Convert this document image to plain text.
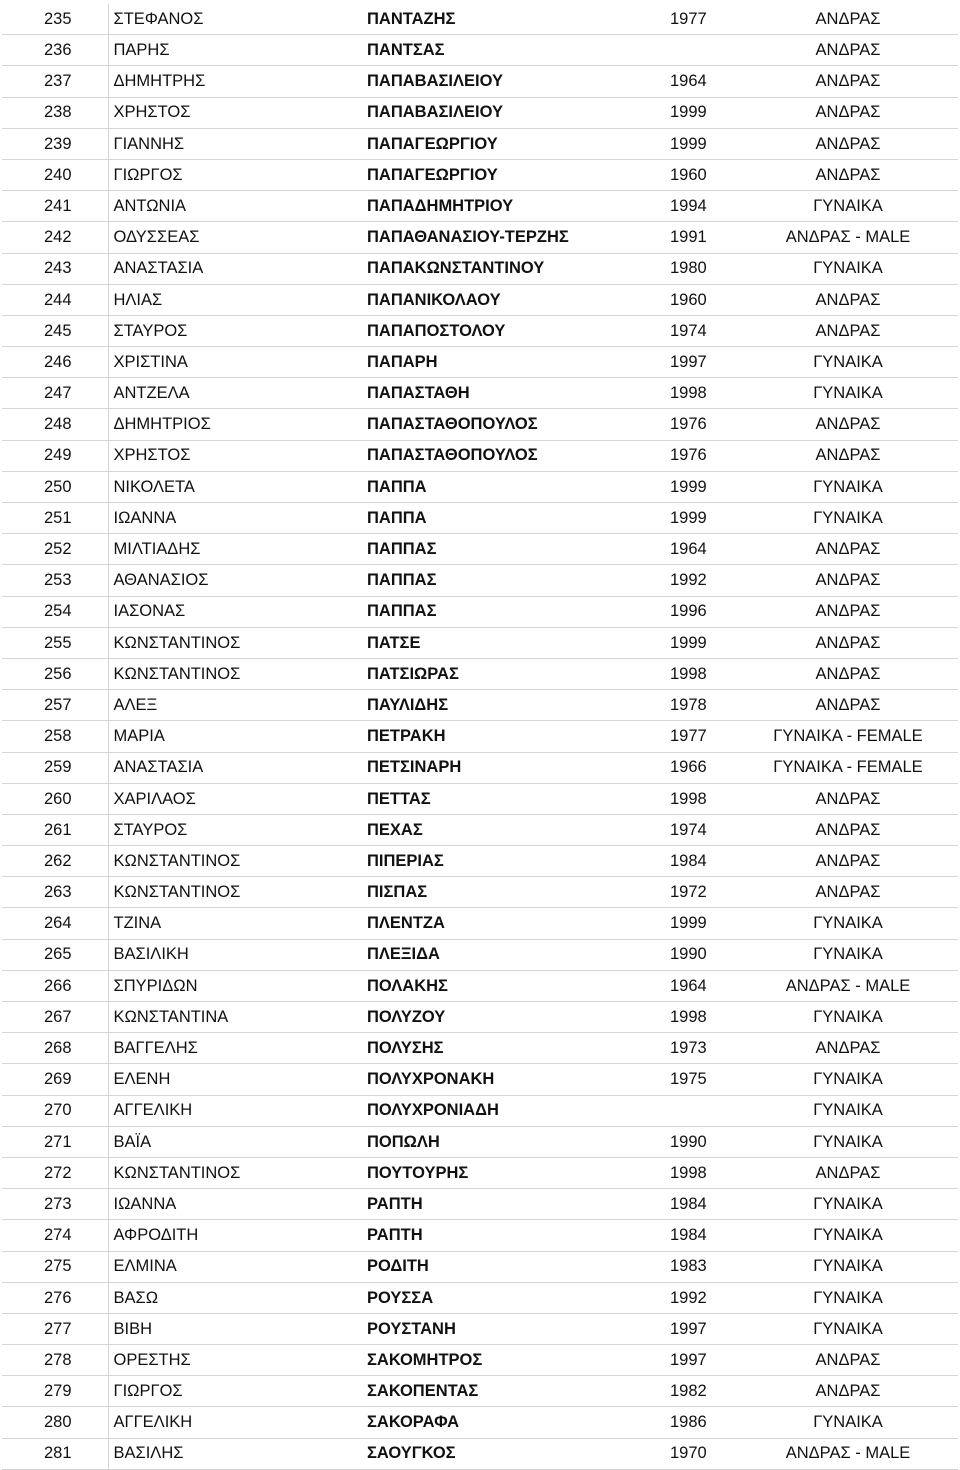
235	ΣΤΕΦΑΝΟΣ	ΠΑΝΤΑΖΗΣ	1977	ΑΝΔΡΑΣ
236	ΠΑΡΗΣ	ΠΑΝΤΣΑΣ		ΑΝΔΡΑΣ
237	ΔΗΜΗΤΡΗΣ	ΠΑΠΑΒΑΣΙΛΕΙΟΥ	1964	ΑΝΔΡΑΣ
238	ΧΡΗΣΤΟΣ	ΠΑΠΑΒΑΣΙΛΕΙΟΥ	1999	ΑΝΔΡΑΣ
239	ΓΙΑΝΝΗΣ	ΠΑΠΑΓΕΩΡΓΙΟΥ	1999	ΑΝΔΡΑΣ
240	ΓΙΩΡΓΟΣ	ΠΑΠΑΓΕΩΡΓΙΟΥ	1960	ΑΝΔΡΑΣ
241	ΑΝΤΩΝΙΑ	ΠΑΠΑΔΗΜΗΤΡΙΟΥ	1994	ΓΥΝΑΙΚΑ
242	ΟΔΥΣΣΕΑΣ	ΠΑΠΑΘΑΝΑΣΙΟΥ-ΤΕΡΖΗΣ	1991	ΑΝΔΡΑΣ - MALE
243	ΑΝΑΣΤΑΣΙΑ	ΠΑΠΑΚΩΝΣΤΑΝΤΙΝΟΥ	1980	ΓΥΝΑΙΚΑ
244	ΗΛΙΑΣ	ΠΑΠΑΝΙΚΟΛΑΟΥ	1960	ΑΝΔΡΑΣ
245	ΣΤΑΥΡΟΣ	ΠΑΠΑΠΟΣΤΟΛΟΥ	1974	ΑΝΔΡΑΣ
246	ΧΡΙΣΤΙΝΑ	ΠΑΠΑΡΗ	1997	ΓΥΝΑΙΚΑ
247	ΑΝΤΖΕΛΑ	ΠΑΠΑΣΤΑΘΗ	1998	ΓΥΝΑΙΚΑ
248	ΔΗΜΗΤΡΙΟΣ	ΠΑΠΑΣΤΑΘΟΠΟΥΛΟΣ	1976	ΑΝΔΡΑΣ
249	ΧΡΗΣΤΟΣ	ΠΑΠΑΣΤΑΘΟΠΟΥΛΟΣ	1976	ΑΝΔΡΑΣ
250	ΝΙΚΟΛΕΤΑ	ΠΑΠΠΑ	1999	ΓΥΝΑΙΚΑ
251	ΙΩΑΝΝΑ	ΠΑΠΠΑ	1999	ΓΥΝΑΙΚΑ
252	ΜΙΛΤΙΑΔΗΣ	ΠΑΠΠΑΣ	1964	ΑΝΔΡΑΣ
253	ΑΘΑΝΑΣΙΟΣ	ΠΑΠΠΑΣ	1992	ΑΝΔΡΑΣ
254	ΙΑΣΟΝΑΣ	ΠΑΠΠΑΣ	1996	ΑΝΔΡΑΣ
255	ΚΩΝΣΤΑΝΤΙΝΟΣ	ΠΑΤΣΕ	1999	ΑΝΔΡΑΣ
256	ΚΩΝΣΤΑΝΤΙΝΟΣ	ΠΑΤΣΙΩΡΑΣ	1998	ΑΝΔΡΑΣ
257	ΑΛΕΞ	ΠΑΥΛΙΔΗΣ	1978	ΑΝΔΡΑΣ
258	ΜΑΡΙΑ	ΠΕΤΡΑΚΗ	1977	ΓΥΝΑΙΚΑ - FEMALE
259	ΑΝΑΣΤΑΣΙΑ	ΠΕΤΣΙΝΑΡΗ	1966	ΓΥΝΑΙΚΑ - FEMALE
260	ΧΑΡΙΛΑΟΣ	ΠΕΤΤΑΣ	1998	ΑΝΔΡΑΣ
261	ΣΤΑΥΡΟΣ	ΠΕΧΑΣ	1974	ΑΝΔΡΑΣ
262	ΚΩΝΣΤΑΝΤΙΝΟΣ	ΠΙΠΕΡΙΑΣ	1984	ΑΝΔΡΑΣ
263	ΚΩΝΣΤΑΝΤΙΝΟΣ	ΠΙΣΠΑΣ	1972	ΑΝΔΡΑΣ
264	ΤΖΙΝΑ	ΠΛΕΝΤΖΑ	1999	ΓΥΝΑΙΚΑ
265	ΒΑΣΙΛΙΚΗ	ΠΛΕΞΙΔΑ	1990	ΓΥΝΑΙΚΑ
266	ΣΠΥΡΙΔΩΝ	ΠΟΛΑΚΗΣ	1964	ΑΝΔΡΑΣ - MALE
267	ΚΩΝΣΤΑΝΤΙΝΑ	ΠΟΛΥΖΟΥ	1998	ΓΥΝΑΙΚΑ
268	ΒΑΓΓΕΛΗΣ	ΠΟΛΥΣΗΣ	1973	ΑΝΔΡΑΣ
269	ΕΛΕΝΗ	ΠΟΛΥΧΡΟΝΑΚΗ	1975	ΓΥΝΑΙΚΑ
270	ΑΓΓΕΛΙΚΗ	ΠΟΛΥΧΡΟΝΙΑΔΗ		ΓΥΝΑΙΚΑ
271	ΒΑΪΑ	ΠΟΠΩΛΗ	1990	ΓΥΝΑΙΚΑ
272	ΚΩΝΣΤΑΝΤΙΝΟΣ	ΠΟΥΤΟΥΡΗΣ	1998	ΑΝΔΡΑΣ
273	ΙΩΑΝΝΑ	ΡΑΠΤΗ	1984	ΓΥΝΑΙΚΑ
274	ΑΦΡΟΔΙΤΗ	ΡΑΠΤΗ	1984	ΓΥΝΑΙΚΑ
275	ΕΛΜΙΝΑ	ΡΟΔΙΤΗ	1983	ΓΥΝΑΙΚΑ
276	ΒΑΣΩ	ΡΟΥΣΣΑ	1992	ΓΥΝΑΙΚΑ
277	ΒΙΒΗ	ΡΟΥΣΤΑΝΗ	1997	ΓΥΝΑΙΚΑ
278	ΟΡΕΣΤΗΣ	ΣΑΚΟΜΗΤΡΟΣ	1997	ΑΝΔΡΑΣ
279	ΓΙΩΡΓΟΣ	ΣΑΚΟΠΕΝΤΑΣ	1982	ΑΝΔΡΑΣ
280	ΑΓΓΕΛΙΚΗ	ΣΑΚΟΡΑΦΑ	1986	ΓΥΝΑΙΚΑ
281	ΒΑΣΙΛΗΣ	ΣΑΟΥΓΚΟΣ	1970	ΑΝΔΡΑΣ - MALE
